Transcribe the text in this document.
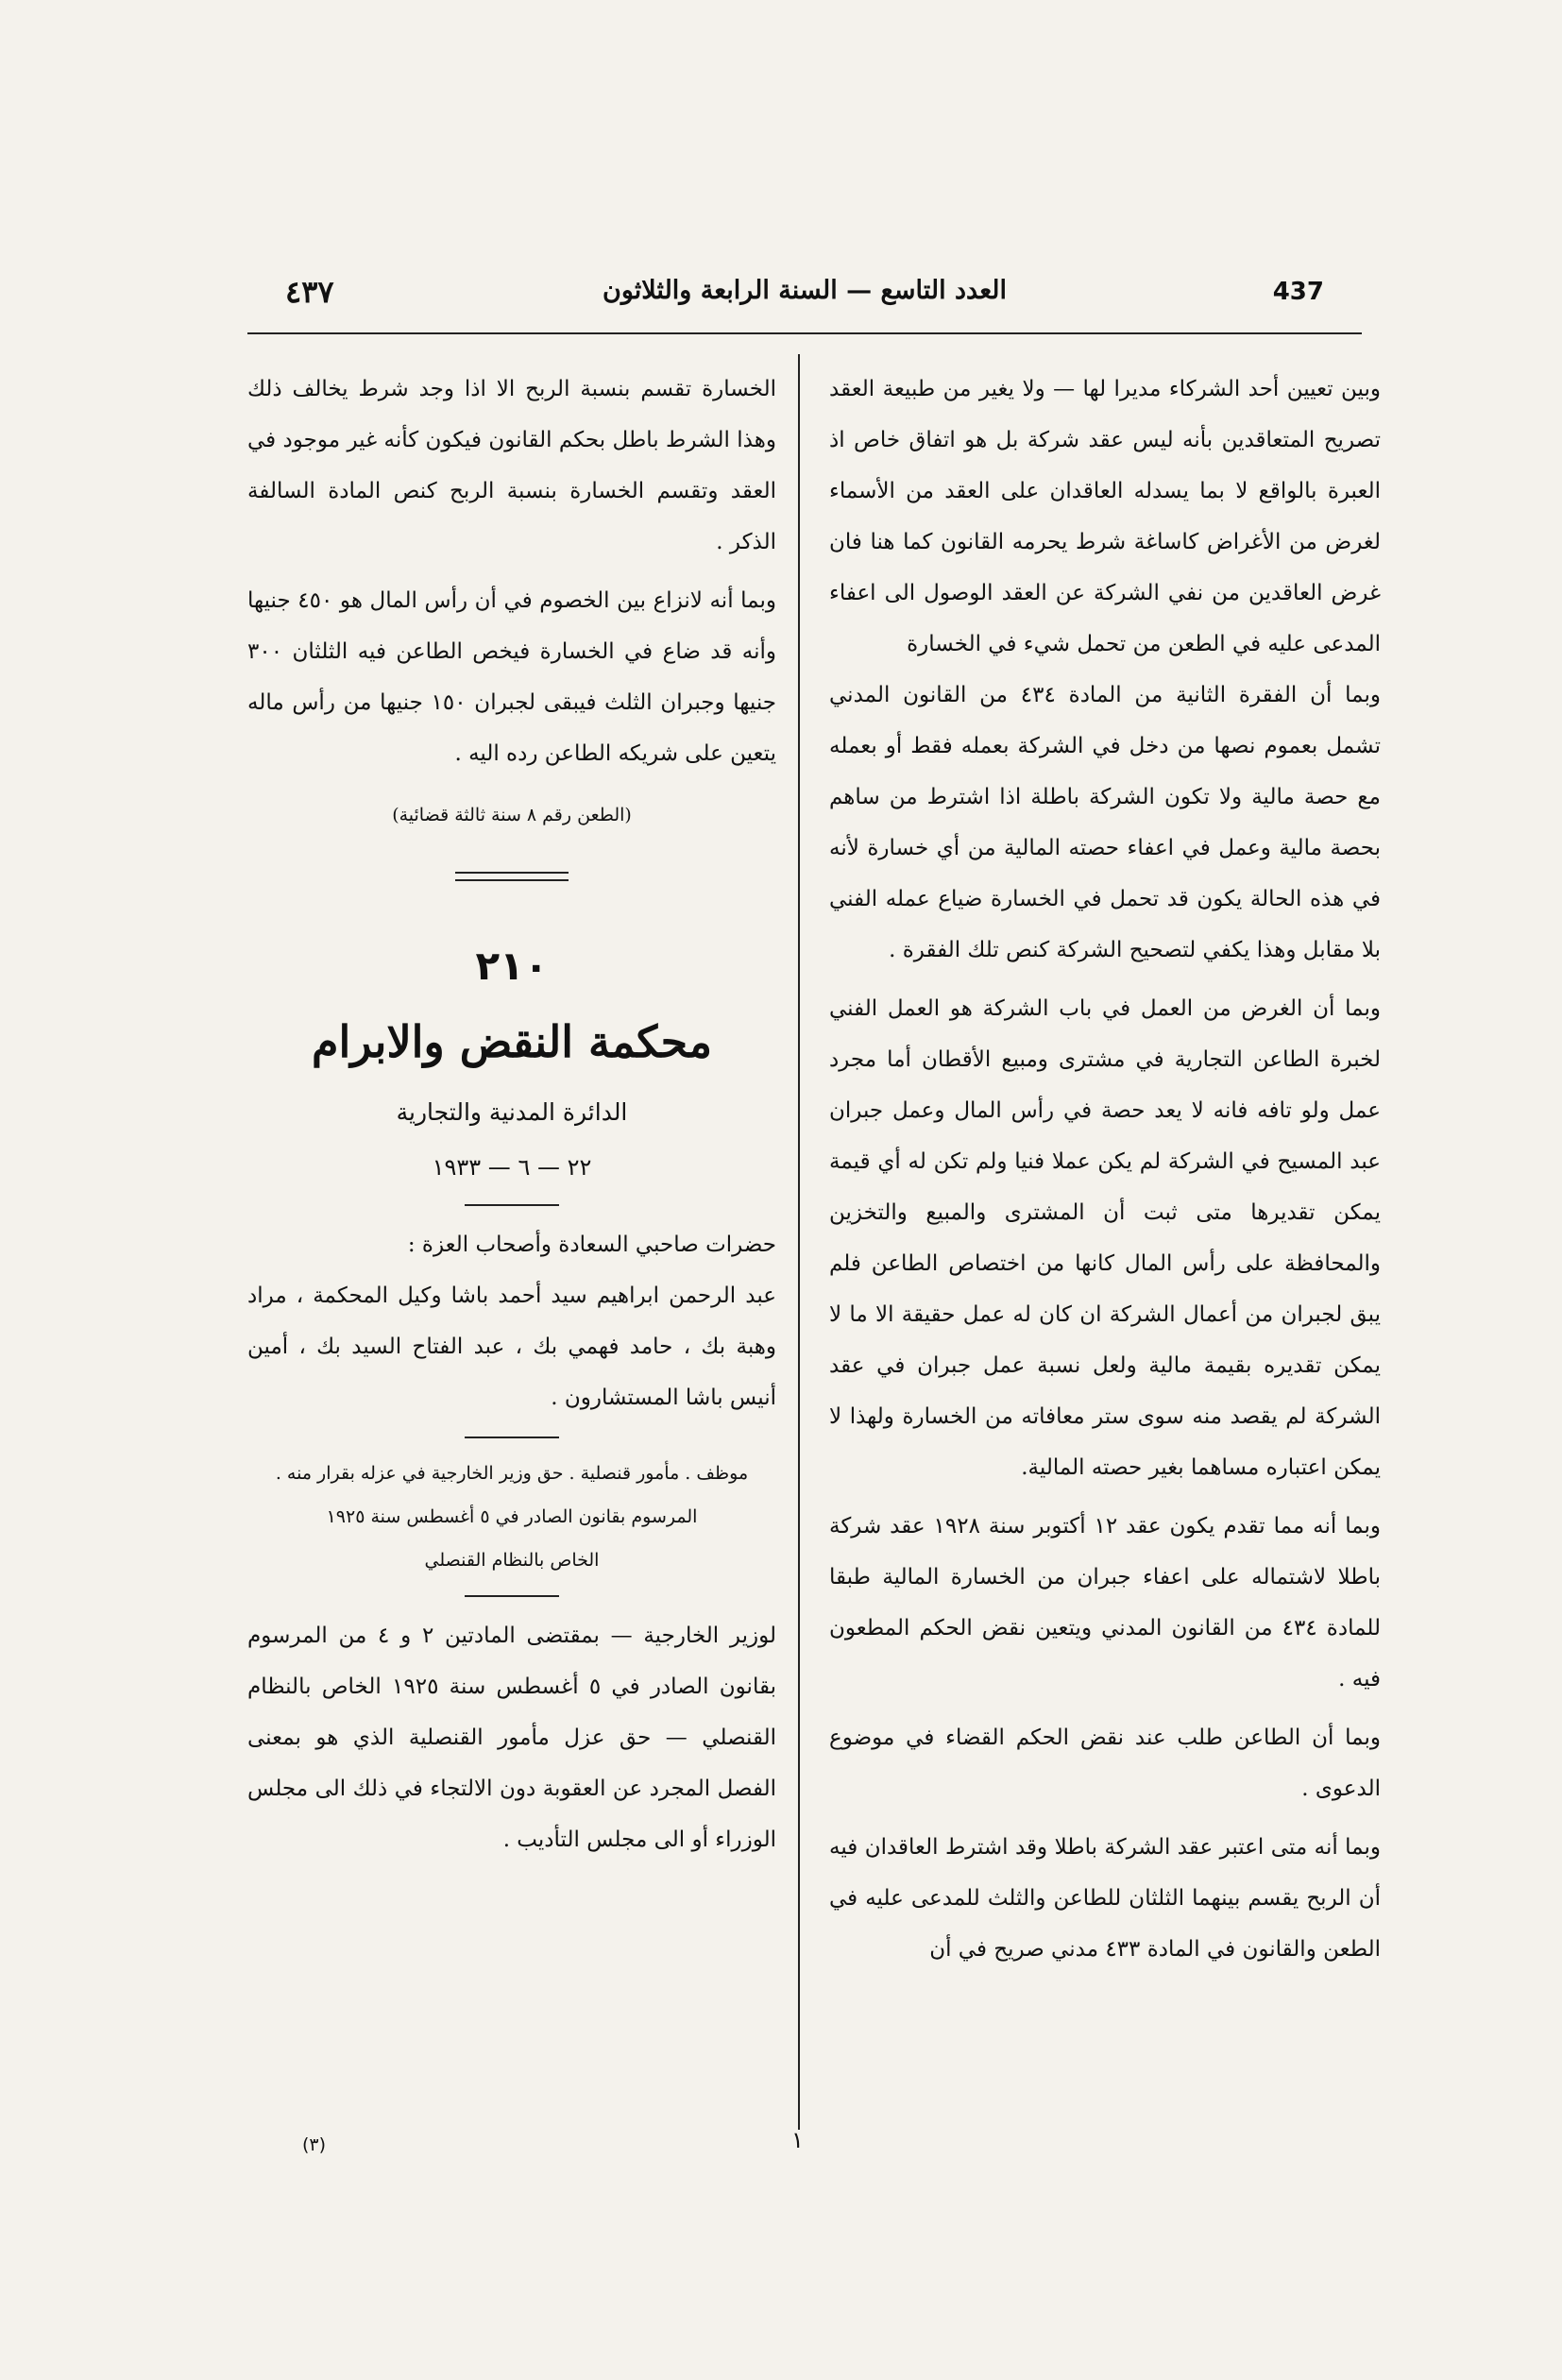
٤٣٧	العدد التاسع — السنة الرابعة والثلاثون	437

وبين تعيين أحد الشركاء مديرا لها — ولا يغير من طبيعة العقد تصريح المتعاقدين بأنه ليس عقد شركة بل هو اتفاق خاص اذ العبرة بالواقع لا بما يسدله العاقدان على العقد من الأسماء لغرض من الأغراض كاساغة شرط يحرمه القانون كما هنا فان غرض العاقدين من نفي الشركة عن العقد الوصول الى اعفاء المدعى عليه في الطعن من تحمل شيء في الخسارة

وبما أن الفقرة الثانية من المادة ٤٣٤ من القانون المدني تشمل بعموم نصها من دخل في الشركة بعمله فقط أو بعمله مع حصة مالية ولا تكون الشركة باطلة اذا اشترط من ساهم بحصة مالية وعمل في اعفاء حصته المالية من أي خسارة لأنه في هذه الحالة يكون قد تحمل في الخسارة ضياع عمله الفني بلا مقابل وهذا يكفي لتصحيح الشركة كنص تلك الفقرة .

وبما أن الغرض من العمل في باب الشركة هو العمل الفني لخبرة الطاعن التجارية في مشترى ومبيع الأقطان أما مجرد عمل ولو تافه فانه لا يعد حصة في رأس المال وعمل جبران عبد المسيح في الشركة لم يكن عملا فنيا ولم تكن له أي قيمة يمكن تقديرها متى ثبت أن المشترى والمبيع والتخزين والمحافظة على رأس المال كانها من اختصاص الطاعن فلم يبق لجبران من أعمال الشركة ان كان له عمل حقيقة الا ما لا يمكن تقديره بقيمة مالية ولعل نسبة عمل جبران في عقد الشركة لم يقصد منه سوى ستر معافاته من الخسارة ولهذا لا يمكن اعتباره مساهما بغير حصته المالية.

وبما أنه مما تقدم يكون عقد ١٢ أكتوبر سنة ١٩٢٨ عقد شركة باطلا لاشتماله على اعفاء جبران من الخسارة المالية طبقا للمادة ٤٣٤ من القانون المدني ويتعين نقض الحكم المطعون فيه .

وبما أن الطاعن طلب عند نقض الحكم القضاء في موضوع الدعوى .

وبما أنه متى اعتبر عقد الشركة باطلا وقد اشترط العاقدان فيه أن الربح يقسم بينهما الثلثان للطاعن والثلث للمدعى عليه في الطعن والقانون في المادة ٤٣٣ مدني صريح في أن

الخسارة تقسم بنسبة الربح الا اذا وجد شرط يخالف ذلك وهذا الشرط باطل بحكم القانون فيكون كأنه غير موجود في العقد وتقسم الخسارة بنسبة الربح كنص المادة السالفة الذكر .

وبما أنه لانزاع بين الخصوم في أن رأس المال هو ٤٥٠ جنيها وأنه قد ضاع في الخسارة فيخص الطاعن فيه الثلثان ٣٠٠ جنيها وجبران الثلث فيبقى لجبران ١٥٠ جنيها من رأس ماله يتعين على شريكه الطاعن رده اليه .

(الطعن رقم ٨ سنة ثالثة قضائية)

٢١٠
محكمة النقض والابرام
الدائرة المدنية والتجارية
٢٢ — ٦ — ١٩٣٣

حضرات صاحبي السعادة وأصحاب العزة :

عبد الرحمن ابراهيم سيد أحمد باشا وكيل المحكمة ، مراد وهبة بك ، حامد فهمي بك ، عبد الفتاح السيد بك ، أمين أنيس باشا المستشارون .

موظف . مأمور قنصلية . حق وزير الخارجية في عزله بقرار منه .

المرسوم بقانون الصادر في ٥ أغسطس سنة ١٩٢٥

الخاص بالنظام القنصلي

لوزير الخارجية — بمقتضى المادتين ٢ و ٤ من المرسوم بقانون الصادر في ٥ أغسطس سنة ١٩٢٥ الخاص بالنظام القنصلي — حق عزل مأمور القنصلية الذي هو بمعنى الفصل المجرد عن العقوبة دون الالتجاء في ذلك الى مجلس الوزراء أو الى مجلس التأديب .

(٣)	١
